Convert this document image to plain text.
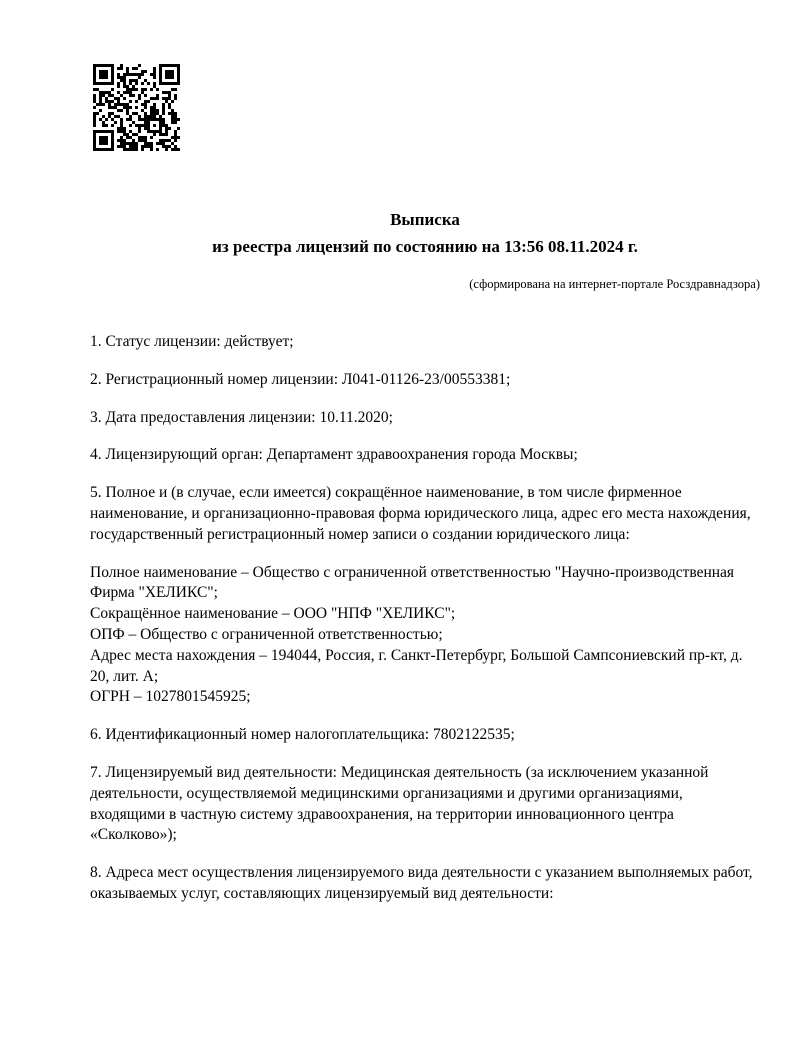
Выписка
из реестра лицензий по состоянию на 13:56 08.11.2024 г.
(сформирована на интернет-портале Росздравнадзора)

1. Статус лицензии: действует;

2. Регистрационный номер лицензии: Л041-01126-23/00553381;

3. Дата предоставления лицензии: 10.11.2020;

4. Лицензирующий орган: Департамент здравоохранения города Москвы;

5. Полное и (в случае, если имеется) сокращённое наименование, в том числе фирменное наименование, и организационно-правовая форма юридического лица, адрес его места нахождения, государственный регистрационный номер записи о создании юридического лица:

Полное наименование – Общество с ограниченной ответственностью "Научно-производственная Фирма "ХЕЛИКС";
Сокращённое наименование – ООО "НПФ "ХЕЛИКС";
ОПФ – Общество с ограниченной ответственностью;
Адрес места нахождения – 194044, Россия, г. Санкт-Петербург, Большой Сампсониевский пр-кт, д. 20, лит. А;
ОГРН – 1027801545925;

6. Идентификационный номер налогоплательщика: 7802122535;

7. Лицензируемый вид деятельности: Медицинская деятельность (за исключением указанной деятельности, осуществляемой медицинскими организациями и другими организациями, входящими в частную систему здравоохранения, на территории инновационного центра «Сколково»);

8. Адреса мест осуществления лицензируемого вида деятельности с указанием выполняемых работ, оказываемых услуг, составляющих лицензируемый вид деятельности:
